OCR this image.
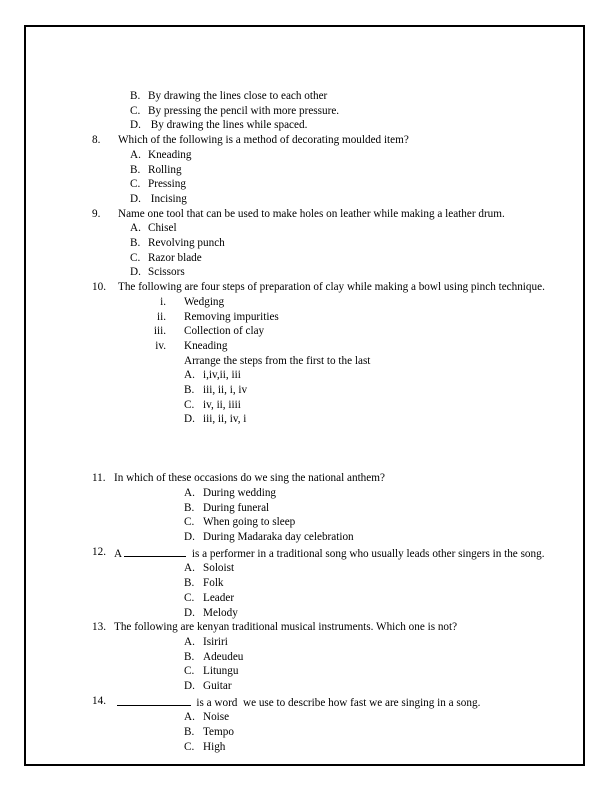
B. By drawing the lines close to each other
C. By pressing the pencil with more pressure.
D. By drawing the lines while spaced.
8.	Which of the following is a method of decorating moulded item?
A. Kneading
B. Rolling
C. Pressing
D. Incising
9.	Name one tool that can be used to make holes on leather while making a leather drum.
A. Chisel
B. Revolving punch
C. Razor blade
D. Scissors
10.	The following are four steps of preparation of clay while making a bowl using pinch technique.
i.	Wedging
ii.	Removing impurities
iii.	Collection of clay
iv.	Kneading
Arrange the steps from the first to the last
A. i,iv,ii, iii
B. iii, ii, i, iv
C. iv, ii, iiii
D. iii, ii, iv, i
11. In which of these occasions do we sing the national anthem?
A. During wedding
B. During funeral
C. When going to sleep
D. During Madaraka day celebration
12. A	is a performer in a traditional song who usually leads other singers in the song.
A. Soloist
B. Folk
C. Leader
D. Melody
13. The following are kenyan traditional musical instruments. Which one is not?
A. Isiriri
B. Adeudeu
C. Litungu
D. Guitar
14.	is a word  we use to describe how fast we are singing in a song.
A. Noise
B. Tempo
C. High
